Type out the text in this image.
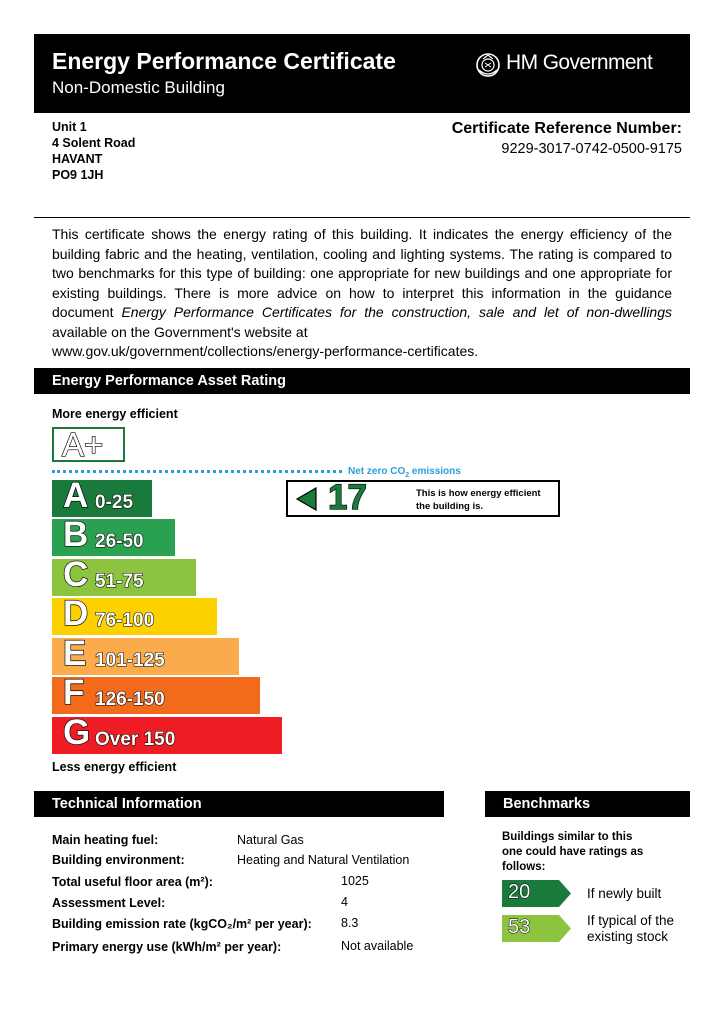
Energy Performance Certificate
Non-Domestic Building
HM Government
Unit 1
4 Solent Road
HAVANT
PO9 1JH
Certificate Reference Number:
9229-3017-0742-0500-9175
This certificate shows the energy rating of this building. It indicates the energy efficiency of the building fabric and the heating, ventilation, cooling and lighting systems. The rating is compared to two benchmarks for this type of building: one appropriate for new buildings and one appropriate for existing buildings. There is more advice on how to interpret this information in the guidance document Energy Performance Certificates for the construction, sale and let of non-dwellings available on the Government's website at
www.gov.uk/government/collections/energy-performance-certificates.
Energy Performance Asset Rating
More energy efficient
A+
Net zero $CO_2$ emissions
A 0-25
B 26-50
C 51-75
D 76-100
E 101-125
F 126-150
G Over 150
17	This is how energy efficient
the building is.
Less energy efficient
Technical Information
Main heating fuel:	Natural Gas
Building environment:	Heating and Natural Ventilation
Total useful floor area (m²):	1025
Assessment Level:	4
Building emission rate (kgCO₂/m² per year): 8.3
Primary energy use (kWh/m² per year):	Not available
Benchmarks
Buildings similar to this
one could have ratings as
follows:
20	If newly built
53	If typical of the
existing stock
